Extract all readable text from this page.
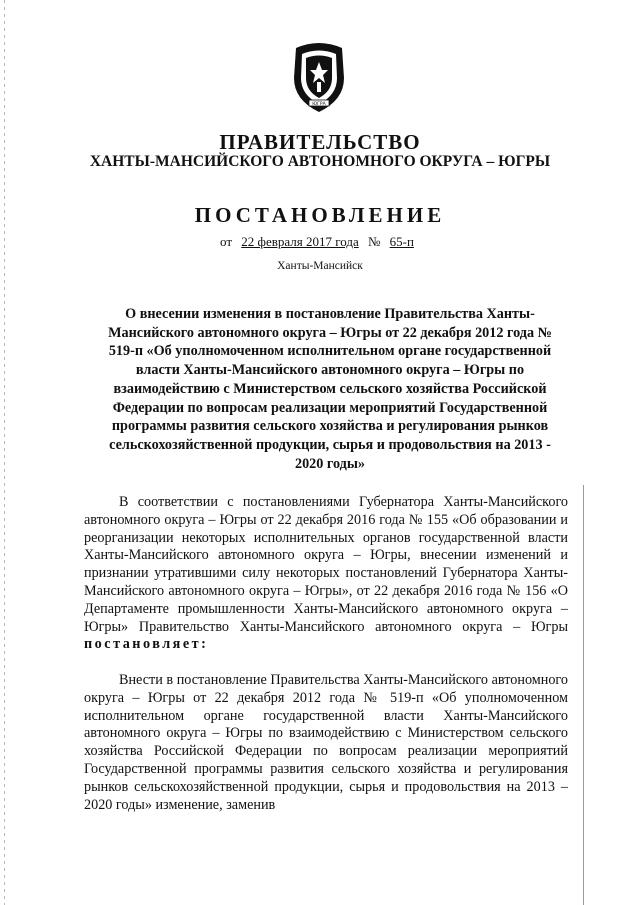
ЮГРА

ПРАВИТЕЛЬСТВО

ХАНТЫ-МАНСИЙСКОГО АВТОНОМНОГО ОКРУГА – ЮГРЫ

ПОСТАНОВЛЕНИЕ

от 22 февраля 2017 года № 65-п

Ханты-Мансийск

О внесении изменения в постановление Правительства Ханты-Мансийского автономного округа – Югры от 22 декабря 2012 года № 519-п «Об уполномоченном исполнительном органе государственной власти Ханты-Мансийского автономного округа – Югры по взаимодействию с Министерством сельского хозяйства Российской Федерации по вопросам реализации мероприятий Государственной программы развития сельского хозяйства и регулирования рынков сельскохозяйственной продукции, сырья и продовольствия на 2013 - 2020 годы»

В соответствии с постановлениями Губернатора Ханты-Мансийского автономного округа – Югры от 22 декабря 2016 года № 155 «Об образовании и реорганизации некоторых исполнительных органов государственной власти Ханты-Мансийского автономного округа – Югры, внесении изменений и признании утратившими силу некоторых постановлений Губернатора Ханты-Мансийского автономного округа – Югры», от 22 декабря 2016 года № 156 «О Департаменте промышленности Ханты-Мансийского автономного округа – Югры» Правительство Ханты-Мансийского автономного округа – Югры постановляет:

Внести в постановление Правительства Ханты-Мансийского автономного округа – Югры от 22 декабря 2012 года № 519-п «Об уполномоченном исполнительном органе государственной власти Ханты-Мансийского автономного округа – Югры по взаимодействию с Министерством сельского хозяйства Российской Федерации по вопросам реализации мероприятий Государственной программы развития сельского хозяйства и регулирования рынков сельскохозяйственной продукции, сырья и продовольствия на 2013 – 2020 годы» изменение, заменив
